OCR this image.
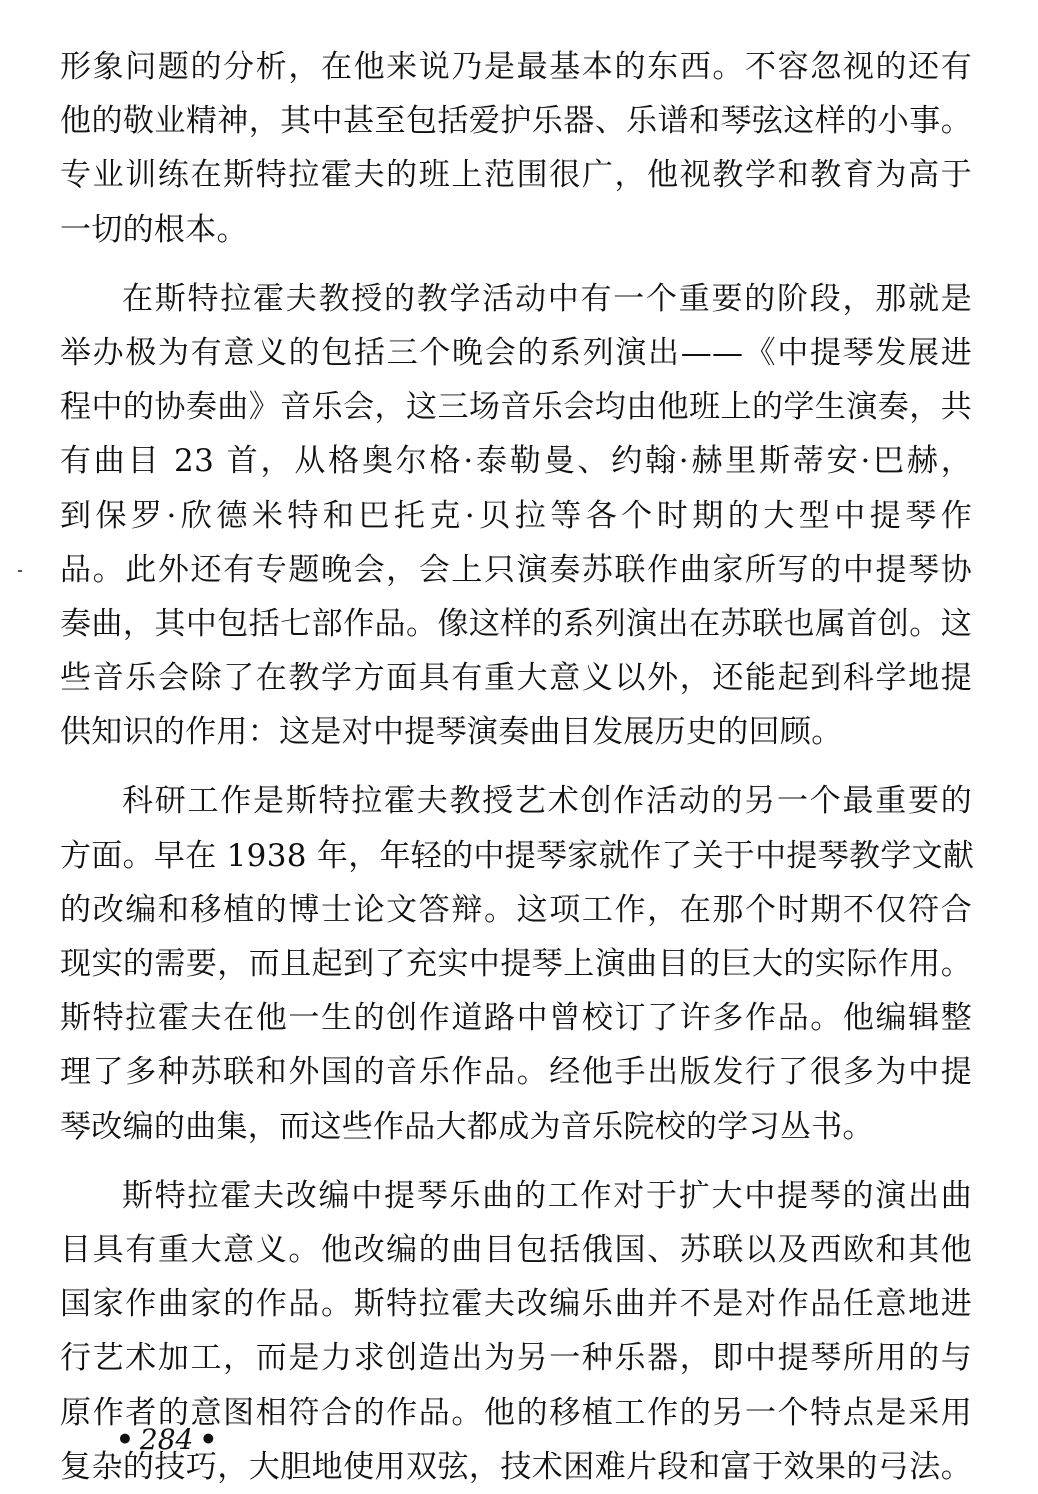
形象问题的分析，在他来说乃是最基本的东西。不容忽视的还有
他的敬业精神，其中甚至包括爱护乐器、乐谱和琴弦这样的小事。
专业训练在斯特拉霍夫的班上范围很广，他视教学和教育为高于
一切的根本。
在斯特拉霍夫教授的教学活动中有一个重要的阶段，那就是
举办极为有意义的包括三个晚会的系列演出——《中提琴发展进
程中的协奏曲》音乐会，这三场音乐会均由他班上的学生演奏，共
有曲目 23 首，从格奥尔格·泰勒曼、约翰·赫里斯蒂安·巴赫，
到保罗·欣德米特和巴托克·贝拉等各个时期的大型中提琴作
品。此外还有专题晚会，会上只演奏苏联作曲家所写的中提琴协
奏曲，其中包括七部作品。像这样的系列演出在苏联也属首创。这
些音乐会除了在教学方面具有重大意义以外，还能起到科学地提
供知识的作用：这是对中提琴演奏曲目发展历史的回顾。
科研工作是斯特拉霍夫教授艺术创作活动的另一个最重要的
方面。早在 1938 年，年轻的中提琴家就作了关于中提琴教学文献
的改编和移植的博士论文答辩。这项工作，在那个时期不仅符合
现实的需要，而且起到了充实中提琴上演曲目的巨大的实际作用。
斯特拉霍夫在他一生的创作道路中曾校订了许多作品。他编辑整
理了多种苏联和外国的音乐作品。经他手出版发行了很多为中提
琴改编的曲集，而这些作品大都成为音乐院校的学习丛书。
斯特拉霍夫改编中提琴乐曲的工作对于扩大中提琴的演出曲
目具有重大意义。他改编的曲目包括俄国、苏联以及西欧和其他
国家作曲家的作品。斯特拉霍夫改编乐曲并不是对作品任意地进
行艺术加工，而是力求创造出为另一种乐器，即中提琴所用的与
原作者的意图相符合的作品。他的移植工作的另一个特点是采用
复杂的技巧，大胆地使用双弦，技术困难片段和富于效果的弓法。
• 284 •
